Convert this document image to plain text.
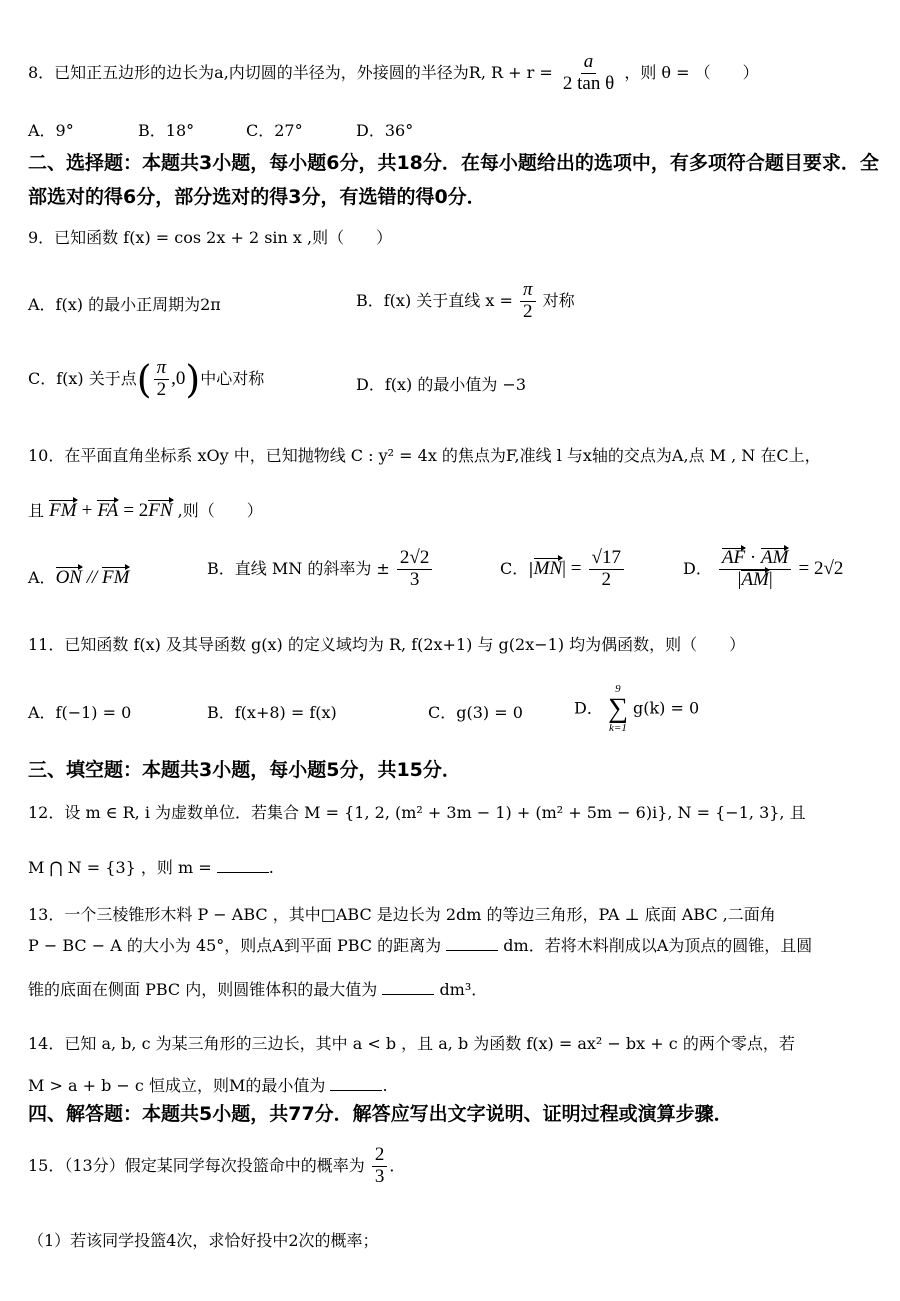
8．已知正五边形的边长为a,内切圆的半径为，外接圆的半径为R, $R + r = \frac{a}{\text{2 tan θ}}$ ，则 θ = （　　）
A．9°	B．18°	C．27°	D．36°
二、选择题：本题共3小题，每小题6分，共18分．在每小题给出的选项中，有多项符合题目要求．全部选对的得6分，部分选对的得3分，有选错的得0分．
9．已知函数 f(x) = cos 2x + 2 sin x ,则（　　）
A．f(x) 的最小正周期为2π	B．f(x) 关于直线 $x = \frac{\pi}{2}$ 对称
C．f(x) 关于点( $\frac{\pi}{2} ,0$)中心对称	D．f(x) 的最小值为 −3
10．在平面直角坐标系 xOy 中，已知抛物线 C : y² = 4x 的焦点为F,准线 l 与x轴的交点为A,点 M , N 在C上，
且 FM + FA = 2FN ,则（　　）
A．ON // FM	B．直线 MN 的斜率为 ± $\frac{2√2}{3}$	C．$|MN| = \frac{√17}{2}$	D． $\frac{AF \cdot AM}{|AM|} = 2√2$
11．已知函数 f(x) 及其导函数 g(x) 的定义域均为 R, f(2x+1) 与 g(2x−1) 均为偶函数，则（　　）
A．f(−1) = 0	B．f(x+8) = f(x)	C．g(3) = 0	D．
9
∑
k=1
g(k) = 0
三、填空题：本题共3小题，每小题5分，共15分．
12．设 m ∈ R, i 为虚数单位．若集合 M = {1, 2, (m² + 3m − 1) + (m² + 5m − 6)i}, N = {−1, 3}, 且
M ⋂ N = {3} ，则 m =	.
13．一个三棱锥形木料 P − ABC ，其中□ABC 是边长为 2dm 的等边三角形，PA ⊥ 底面 ABC ,二面角
P − BC − A 的大小为 45°，则点A到平面 PBC 的距离为	dm．若将木料削成以A为顶点的圆锥，且圆
锥的底面在侧面 PBC 内，则圆锥体积的最大值为	dm³．
14．已知 a, b, c 为某三角形的三边长，其中 a < b ，且 a, b 为函数 f(x) = ax² − bx + c 的两个零点，若
M > a + b − c 恒成立，则M的最小值为	.
四、解答题：本题共5小题，共77分．解答应写出文字说明、证明过程或演算步骤．
15．（13分）假定某同学每次投篮命中的概率为 $\frac{2}{3}$ ．
（1）若该同学投篮4次，求恰好投中2次的概率；
